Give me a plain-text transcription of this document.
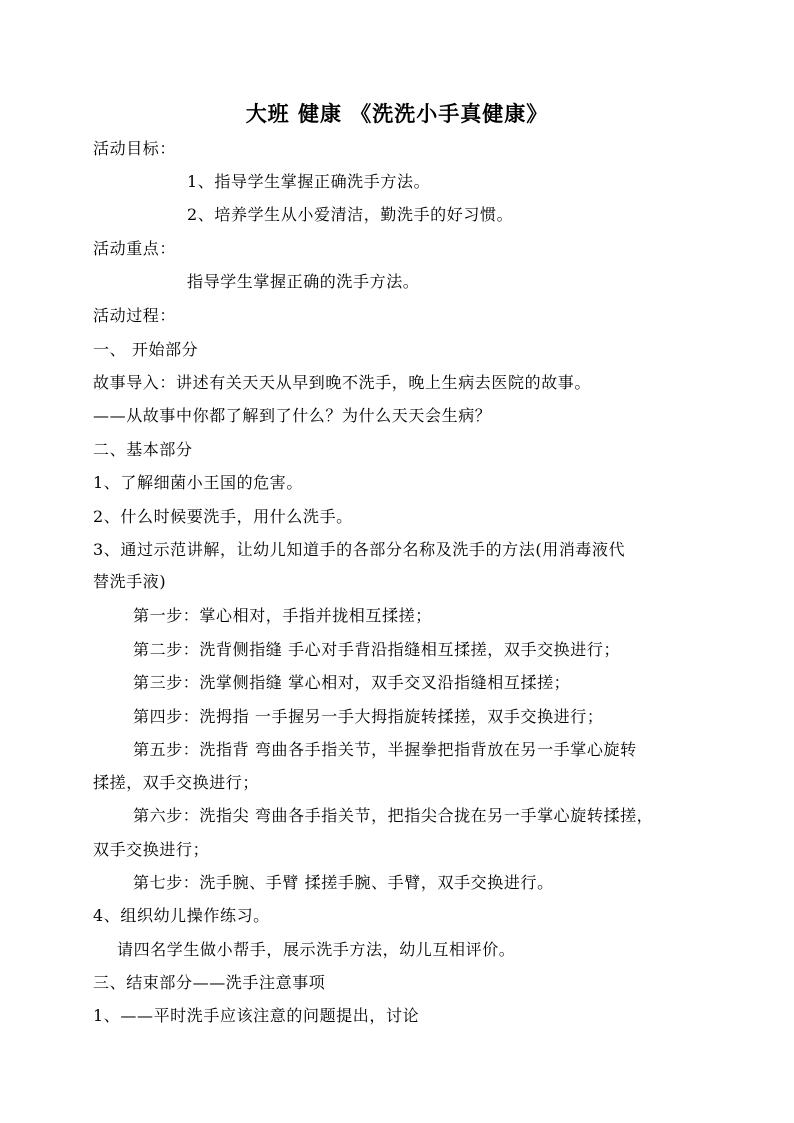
大班 健康 《洗洗小手真健康》
活动目标：
1、指导学生掌握正确洗手方法。
2、培养学生从小爱清洁，勤洗手的好习惯。
活动重点：
指导学生掌握正确的洗手方法。
活动过程：
一、 开始部分
故事导入：讲述有关天天从早到晚不洗手，晚上生病去医院的故事。
——从故事中你都了解到了什么？为什么天天会生病？
二、基本部分
1、了解细菌小王国的危害。
2、什么时候要洗手，用什么洗手。
3、通过示范讲解，让幼儿知道手的各部分名称及洗手的方法(用消毒液代
替洗手液)
第一步：掌心相对，手指并拢相互揉搓；
第二步：洗背侧指缝 手心对手背沿指缝相互揉搓，双手交换进行；
第三步：洗掌侧指缝 掌心相对，双手交叉沿指缝相互揉搓；
第四步：洗拇指 一手握另一手大拇指旋转揉搓，双手交换进行；
第五步：洗指背 弯曲各手指关节，半握拳把指背放在另一手掌心旋转
揉搓，双手交换进行；
第六步：洗指尖 弯曲各手指关节，把指尖合拢在另一手掌心旋转揉搓，
双手交换进行；
第七步：洗手腕、手臂 揉搓手腕、手臂，双手交换进行。
4、组织幼儿操作练习。
请四名学生做小帮手，展示洗手方法，幼儿互相评价。
三、结束部分——洗手注意事项
1、——平时洗手应该注意的问题提出，讨论
